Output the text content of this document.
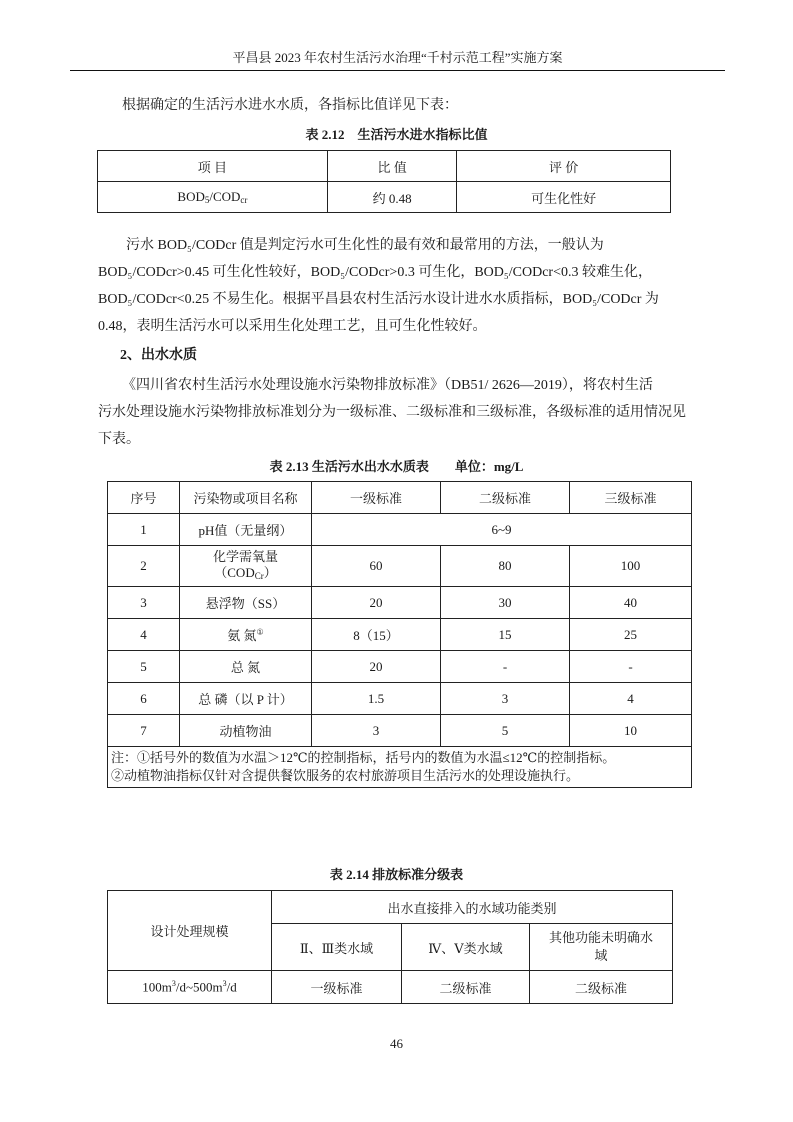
平昌县 2023 年农村生活污水治理“千村示范工程”实施方案
根据确定的生活污水进水水质，各指标比值详见下表：
表 2.12　生活污水进水指标比值
项 目	比 值	评 价
$BOD_5/COD_{cr}$	约 0.48	可生化性好
污水 BOD₅/CODcr 值是判定污水可生化性的最有效和最常用的方法，一般认为
BOD₅/CODcr>0.45 可生化性较好，BOD₅/CODcr>0.3 可生化，BOD₅/CODcr<0.3 较难生化，
BOD₅/CODcr<0.25 不易生化。根据平昌县农村生活污水设计进水水质指标，BOD₅/CODcr 为
0.48，表明生活污水可以采用生化处理工艺，且可生化性较好。
2、出水水质
《四川省农村生活污水处理设施水污染物排放标准》（DB51/ 2626—2019），将农村生活
污水处理设施水污染物排放标准划分为一级标准、二级标准和三级标准，各级标准的适用情况见
下表。
表 2.13 生活污水出水水质表　　单位：mg/L
序号	污染物或项目名称	一级标准	二级标准	三级标准
1	pH值（无量纲）	6~9		
2	化学需氧量
$(COD_{Cr})$	60	80	100
3	悬浮物（SS）	20	30	40
4	氨 氮①	8（15）	15	25
5	总 氮	20	-	-
6	总 磷（以 P 计）	1.5	3	4
7	动植物油	3	5	10

注：①括号外的数值为水温＞12℃的控制指标，括号内的数值为水温≤12℃的控制指标。
②动植物油指标仅针对含提供餐饮服务的农村旅游项目生活污水的处理设施执行。				
表 2.14 排放标准分级表
设计处理规模	出水直接排入的水域功能类别		
	Ⅱ、Ⅲ类水域	Ⅳ、Ⅴ类水域	其他功能未明确水域
$100m^3/d\sim 500m^3/d$	一级标准	二级标准	二级标准
46
